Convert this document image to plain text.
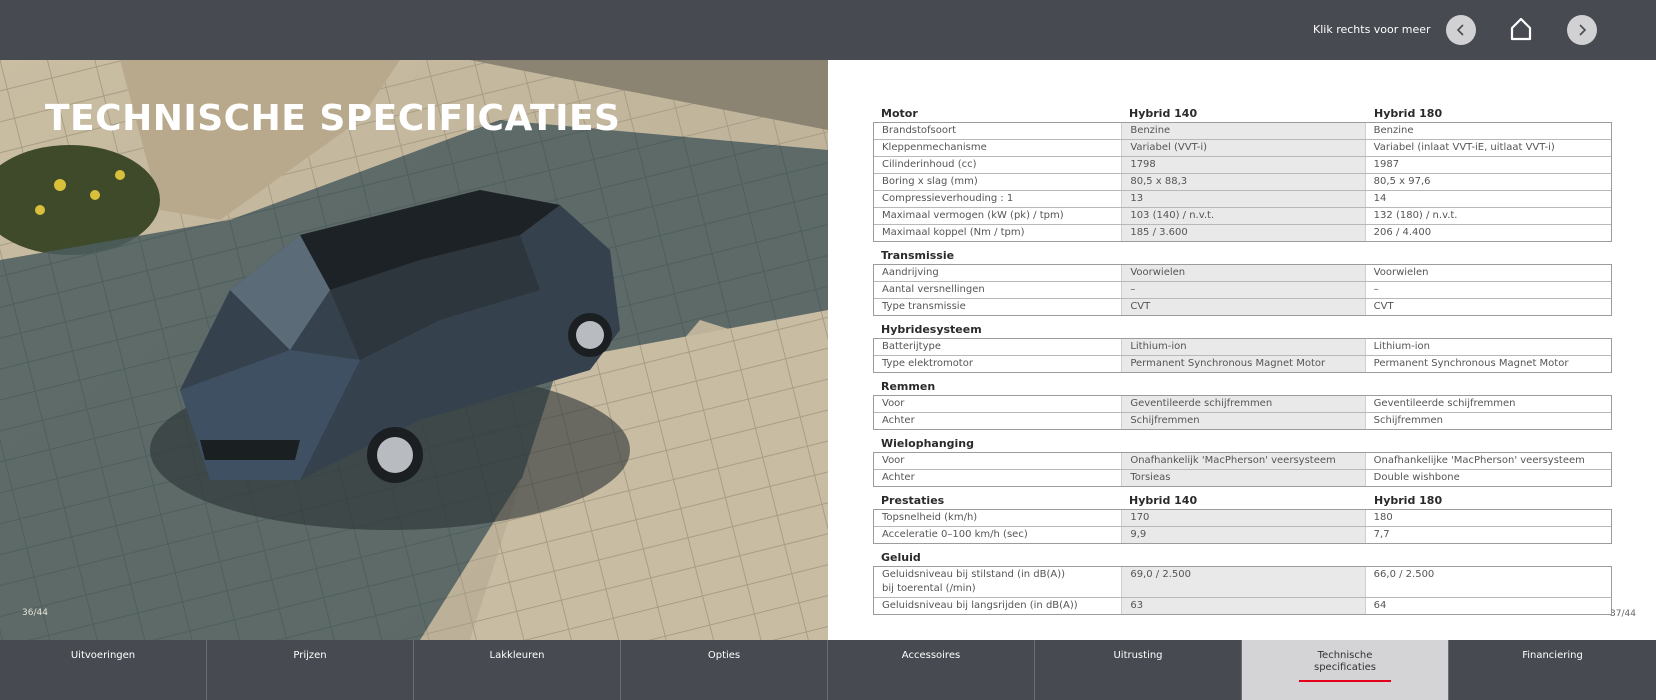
Klik rechts voor meer
TECHNISCHE SPECIFICATIES
36/44
Motor	Hybrid 140	Hybrid 180
Brandstofsoort	Benzine	Benzine
Kleppenmechanisme	Variabel (VVT-i)	Variabel (inlaat VVT-iE, uitlaat VVT-i)
Cilinderinhoud (cc)	1798	1987
Boring x slag (mm)	80,5 x 88,3	80,5 x 97,6
Compressieverhouding : 1	13	14
Maximaal vermogen (kW (pk) / tpm)	103 (140) / n.v.t.	132 (180) / n.v.t.
Maximaal koppel (Nm / tpm)	185 / 3.600	206 / 4.400
Transmissie
Aandrijving	Voorwielen	Voorwielen
Aantal versnellingen	–	–
Type transmissie	CVT	CVT
Hybridesysteem
Batterijtype	Lithium-ion	Lithium-ion
Type elektromotor	Permanent Synchronous Magnet Motor	Permanent Synchronous Magnet Motor
Remmen
Voor	Geventileerde schijfremmen	Geventileerde schijfremmen
Achter	Schijfremmen	Schijfremmen
Wielophanging
Voor	Onafhankelijk 'MacPherson' veersysteem	Onafhankelijke 'MacPherson' veersysteem
Achter	Torsieas	Double wishbone
Prestaties	Hybrid 140	Hybrid 180
Topsnelheid (km/h)	170	180
Acceleratie 0–100 km/h (sec)	9,9	7,7
Geluid
Geluidsniveau bij stilstand (in dB(A))
bij toerental (/min)
69,0 / 2.500	66,0 / 2.500
Geluidsniveau bij langsrijden (in dB(A))	63	64
37/44
Uitvoeringen	Prijzen	Lakkleuren	Opties	Accessoires	Uitrusting	Technische specificaties
Financiering
